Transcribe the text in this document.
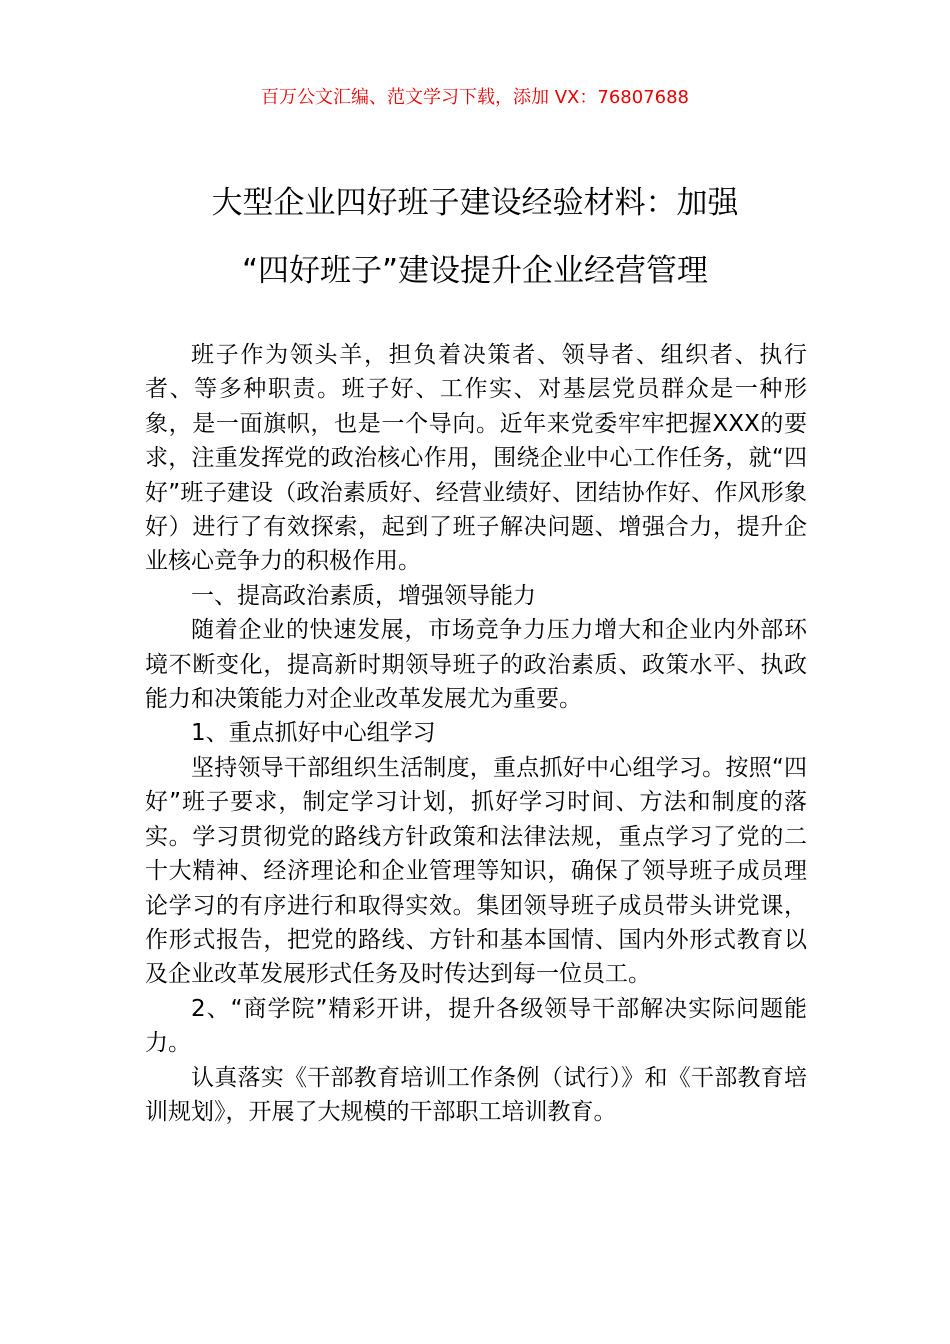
百万公文汇编、范文学习下载，添加 VX：76807688
大型企业四好班子建设经验材料：加强
“四好班子”建设提升企业经营管理

班子作为领头羊，担负着决策者、领导者、组织者、执行者、等多种职责。班子好、工作实、对基层党员群众是一种形象，是一面旗帜，也是一个导向。近年来党委牢牢把握XXX的要求，注重发挥党的政治核心作用，围绕企业中心工作任务，就“四好”班子建设（政治素质好、经营业绩好、团结协作好、作风形象好）进行了有效探索，起到了班子解决问题、增强合力，提升企业核心竞争力的积极作用。

一、提高政治素质，增强领导能力

随着企业的快速发展，市场竞争力压力增大和企业内外部环境不断变化，提高新时期领导班子的政治素质、政策水平、执政能力和决策能力对企业改革发展尤为重要。

1、重点抓好中心组学习

坚持领导干部组织生活制度，重点抓好中心组学习。按照“四好”班子要求，制定学习计划，抓好学习时间、方法和制度的落实。学习贯彻党的路线方针政策和法律法规，重点学习了党的二十大精神、经济理论和企业管理等知识，确保了领导班子成员理论学习的有序进行和取得实效。集团领导班子成员带头讲党课，作形式报告，把党的路线、方针和基本国情、国内外形式教育以及企业改革发展形式任务及时传达到每一位员工。

2、“商学院”精彩开讲，提升各级领导干部解决实际问题能力。

认真落实《干部教育培训工作条例（试行）》和《干部教育培训规划》，开展了大规模的干部职工培训教育。
